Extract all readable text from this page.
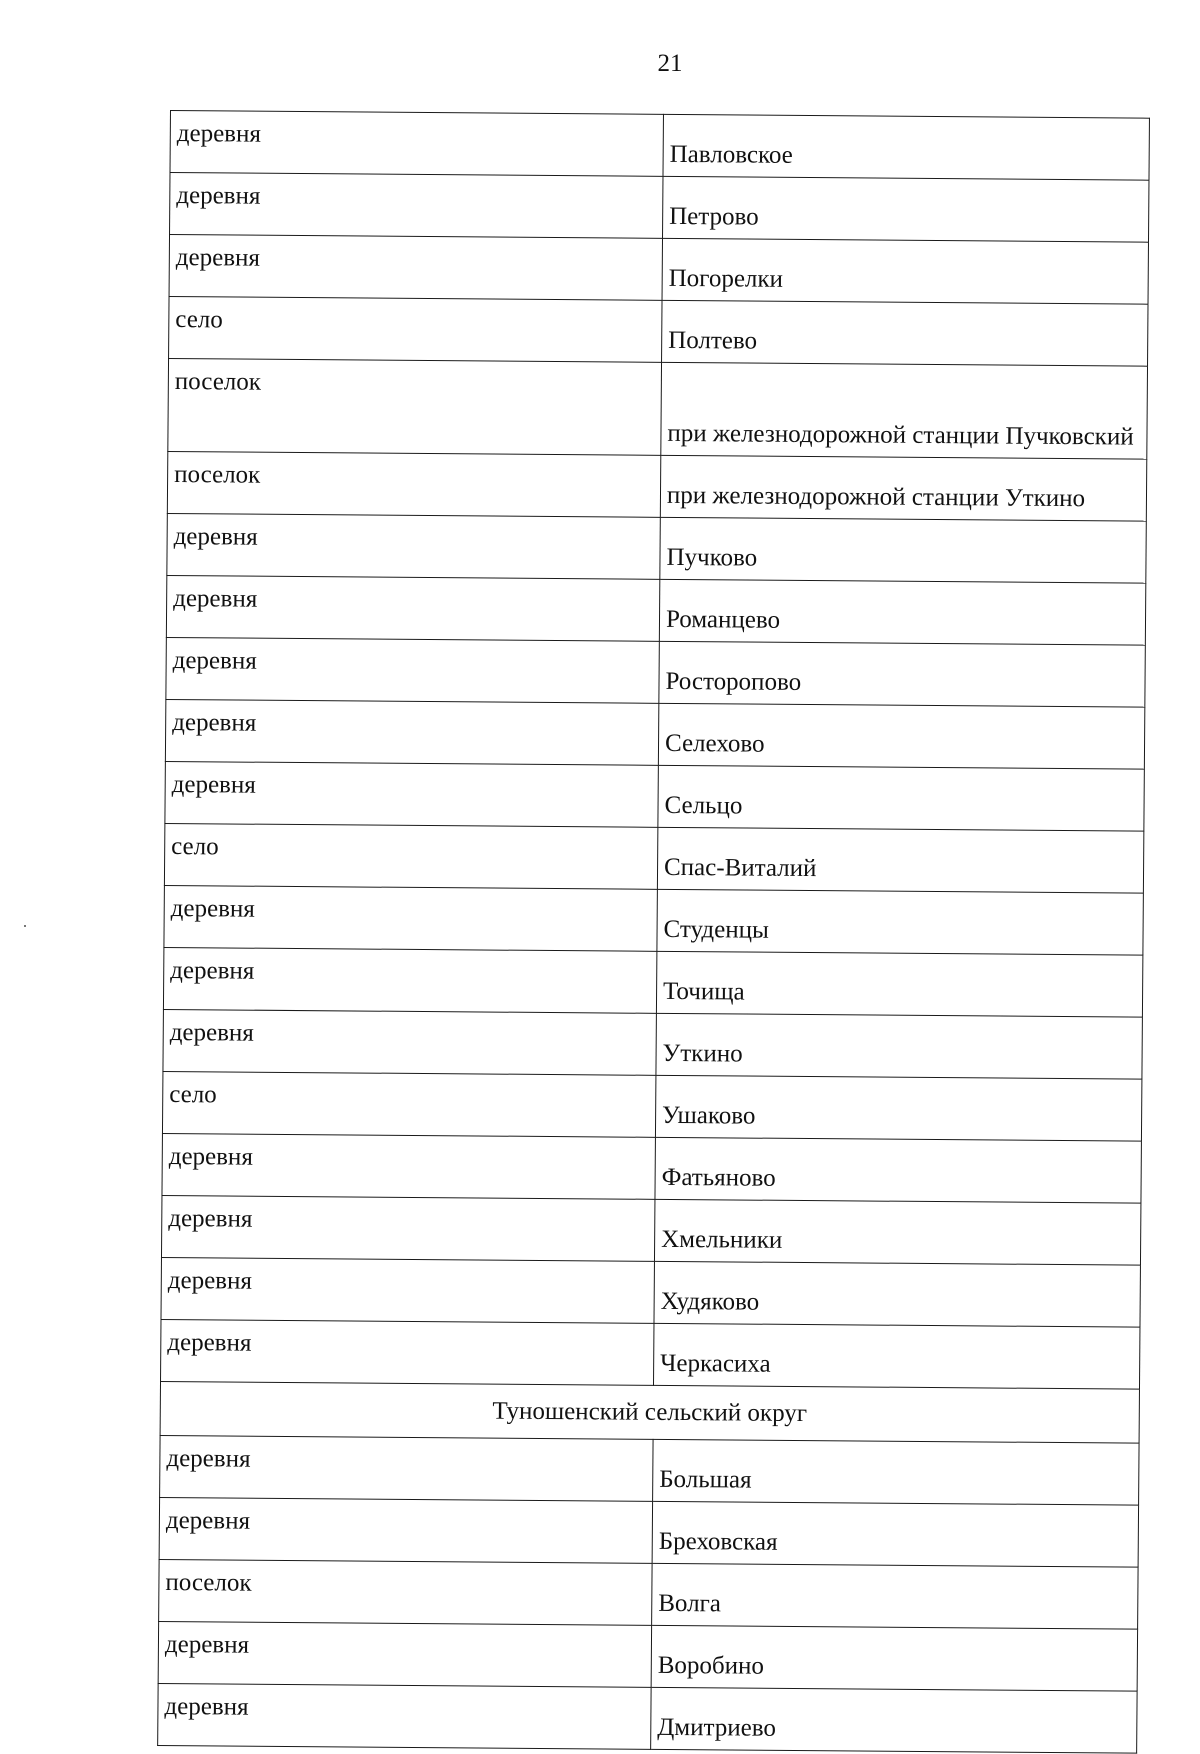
21
деревня	Павловское
деревня	Петрово
деревня	Погорелки
село	Полтево
поселок	при железнодорожной станции Пучковский
поселок	при железнодорожной станции Уткино
деревня	Пучково
деревня	Романцево
деревня	Росторопово
деревня	Селехово
деревня	Сельцо
село	Спас-Виталий
деревня	Студенцы
деревня	Точища
деревня	Уткино
село	Ушаково
деревня	Фатьяново
деревня	Хмельники
деревня	Худяково
деревня	Черкасиха
Туношенский сельский округ	
деревня	Большая
деревня	Бреховская
поселок	Волга
деревня	Воробино
деревня	Дмитриево
